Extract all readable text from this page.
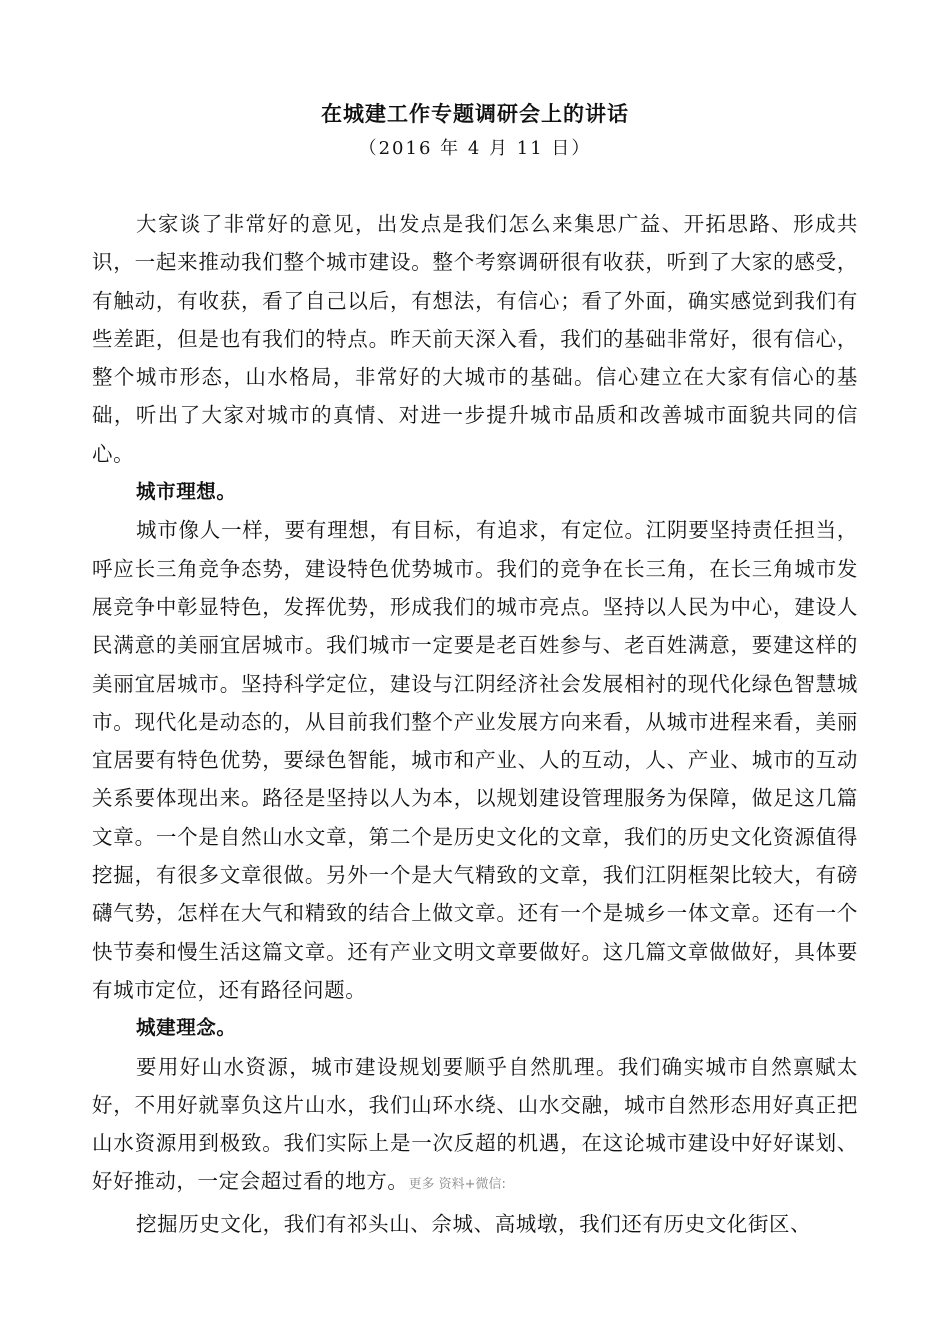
在城建工作专题调研会上的讲话
（2016 年 4 月 11 日）

大家谈了非常好的意见，出发点是我们怎么来集思广益、开拓思路、形成共识，一起来推动我们整个城市建设。整个考察调研很有收获，听到了大家的感受，有触动，有收获，看了自己以后，有想法，有信心；看了外面，确实感觉到我们有些差距，但是也有我们的特点。昨天前天深入看，我们的基础非常好，很有信心，整个城市形态，山水格局，非常好的大城市的基础。信心建立在大家有信心的基础，听出了大家对城市的真情、对进一步提升城市品质和改善城市面貌共同的信心。

城市理想。

城市像人一样，要有理想，有目标，有追求，有定位。江阴要坚持责任担当，呼应长三角竞争态势，建设特色优势城市。我们的竞争在长三角，在长三角城市发展竞争中彰显特色，发挥优势，形成我们的城市亮点。坚持以人民为中心，建设人民满意的美丽宜居城市。我们城市一定要是老百姓参与、老百姓满意，要建这样的美丽宜居城市。坚持科学定位，建设与江阴经济社会发展相衬的现代化绿色智慧城市。现代化是动态的，从目前我们整个产业发展方向来看，从城市进程来看，美丽宜居要有特色优势，要绿色智能，城市和产业、人的互动，人、产业、城市的互动关系要体现出来。路径是坚持以人为本，以规划建设管理服务为保障，做足这几篇文章。一个是自然山水文章，第二个是历史文化的文章，我们的历史文化资源值得挖掘，有很多文章很做。另外一个是大气精致的文章，我们江阴框架比较大，有磅礴气势，怎样在大气和精致的结合上做文章。还有一个是城乡一体文章。还有一个快节奏和慢生活这篇文章。还有产业文明文章要做好。这几篇文章做做好，具体要有城市定位，还有路径问题。

城建理念。

要用好山水资源，城市建设规划要顺乎自然肌理。我们确实城市自然禀赋太好，不用好就辜负这片山水，我们山环水绕、山水交融，城市自然形态用好真正把山水资源用到极致。我们实际上是一次反超的机遇，在这论城市建设中好好谋划、好好推动，一定会超过看的地方。更多 资料+微信:

挖掘历史文化，我们有祁头山、佘城、高城墩，我们还有历史文化街区、
